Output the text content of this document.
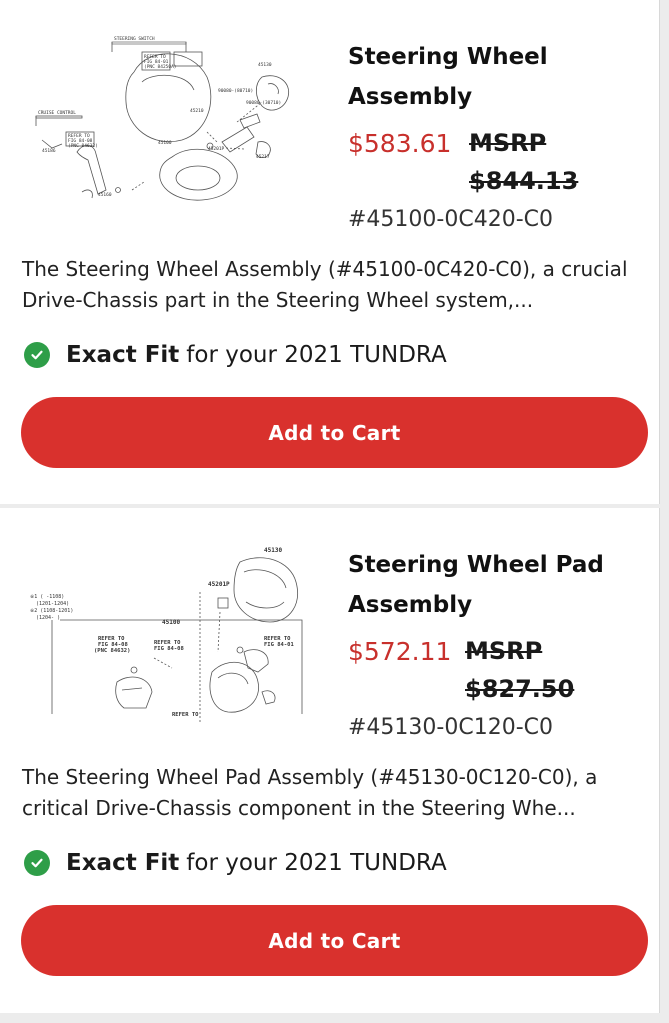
STEERING SWITCH
REFER TO
FIG 84-01
(PNC 84250A)
CRUISE CONTROL
REFER TO
FIG 84-08
(PNC 84632)
45130
45100
45201P
45186
45210
45217
90080-(80710)
90080-(30710)
45160
Steering Wheel Assembly
$583.61 MSRP
$844.13
#45100-0C420-C0
The Steering Wheel Assembly (#45100-0C420-C0), a crucial Drive-Chassis part in the Steering Wheel system,...
Exact Fit for your 2021 TUNDRA
Add to Cart
45130
45201P
45100
※1 ( -1108)
(1201-1204)
※2 (1108-1201)
(1204- )
REFER TO
FIG 84-08
(PNC 84632)
REFER TO
FIG 84-08
REFER TO
FIG 84-01
REFER TO
Steering Wheel Pad Assembly
$572.11 MSRP
$827.50
#45130-0C120-C0
The Steering Wheel Pad Assembly (#45130-0C120-C0), a critical Drive-Chassis component in the Steering Whe...
Exact Fit for your 2021 TUNDRA
Add to Cart
